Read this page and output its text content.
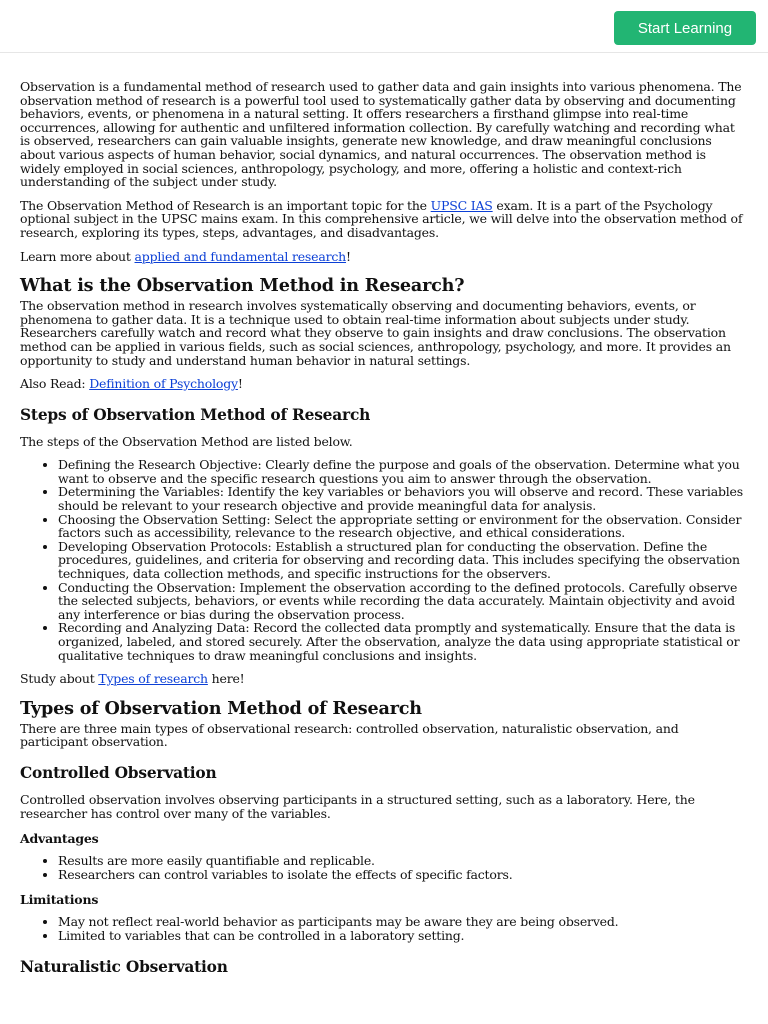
Start Learning

Observation is a fundamental method of research used to gather data and gain insights into various phenomena. The observation method of research is a powerful tool used to systematically gather data by observing and documenting behaviors, events, or phenomena in a natural setting. It offers researchers a firsthand glimpse into real-time occurrences, allowing for authentic and unfiltered information collection. By carefully watching and recording what is observed, researchers can gain valuable insights, generate new knowledge, and draw meaningful conclusions about various aspects of human behavior, social dynamics, and natural occurrences. The observation method is widely employed in social sciences, anthropology, psychology, and more, offering a holistic and context-rich understanding of the subject under study.

The Observation Method of Research is an important topic for the UPSC IAS exam. It is a part of the Psychology optional subject in the UPSC mains exam. In this comprehensive article, we will delve into the observation method of research, exploring its types, steps, advantages, and disadvantages.

Learn more about applied and fundamental research!

What is the Observation Method in Research?

The observation method in research involves systematically observing and documenting behaviors, events, or phenomena to gather data. It is a technique used to obtain real-time information about subjects under study. Researchers carefully watch and record what they observe to gain insights and draw conclusions. The observation method can be applied in various fields, such as social sciences, anthropology, psychology, and more. It provides an opportunity to study and understand human behavior in natural settings.

Also Read: Definition of Psychology!

Steps of Observation Method of Research

The steps of the Observation Method are listed below.

• Defining the Research Objective: Clearly define the purpose and goals of the observation. Determine what you want to observe and the specific research questions you aim to answer through the observation.
• Determining the Variables: Identify the key variables or behaviors you will observe and record. These variables should be relevant to your research objective and provide meaningful data for analysis.
• Choosing the Observation Setting: Select the appropriate setting or environment for the observation. Consider factors such as accessibility, relevance to the research objective, and ethical considerations.
• Developing Observation Protocols: Establish a structured plan for conducting the observation. Define the procedures, guidelines, and criteria for observing and recording data. This includes specifying the observation techniques, data collection methods, and specific instructions for the observers.
• Conducting the Observation: Implement the observation according to the defined protocols. Carefully observe the selected subjects, behaviors, or events while recording the data accurately. Maintain objectivity and avoid any interference or bias during the observation process.
• Recording and Analyzing Data: Record the collected data promptly and systematically. Ensure that the data is organized, labeled, and stored securely. After the observation, analyze the data using appropriate statistical or qualitative techniques to draw meaningful conclusions and insights.

Study about Types of research here!

Types of Observation Method of Research

There are three main types of observational research: controlled observation, naturalistic observation, and participant observation.

Controlled Observation

Controlled observation involves observing participants in a structured setting, such as a laboratory. Here, the researcher has control over many of the variables.

Advantages
• Results are more easily quantifiable and replicable.
• Researchers can control variables to isolate the effects of specific factors.
Limitations
• May not reflect real-world behavior as participants may be aware they are being observed.
• Limited to variables that can be controlled in a laboratory setting.
Naturalistic Observation
